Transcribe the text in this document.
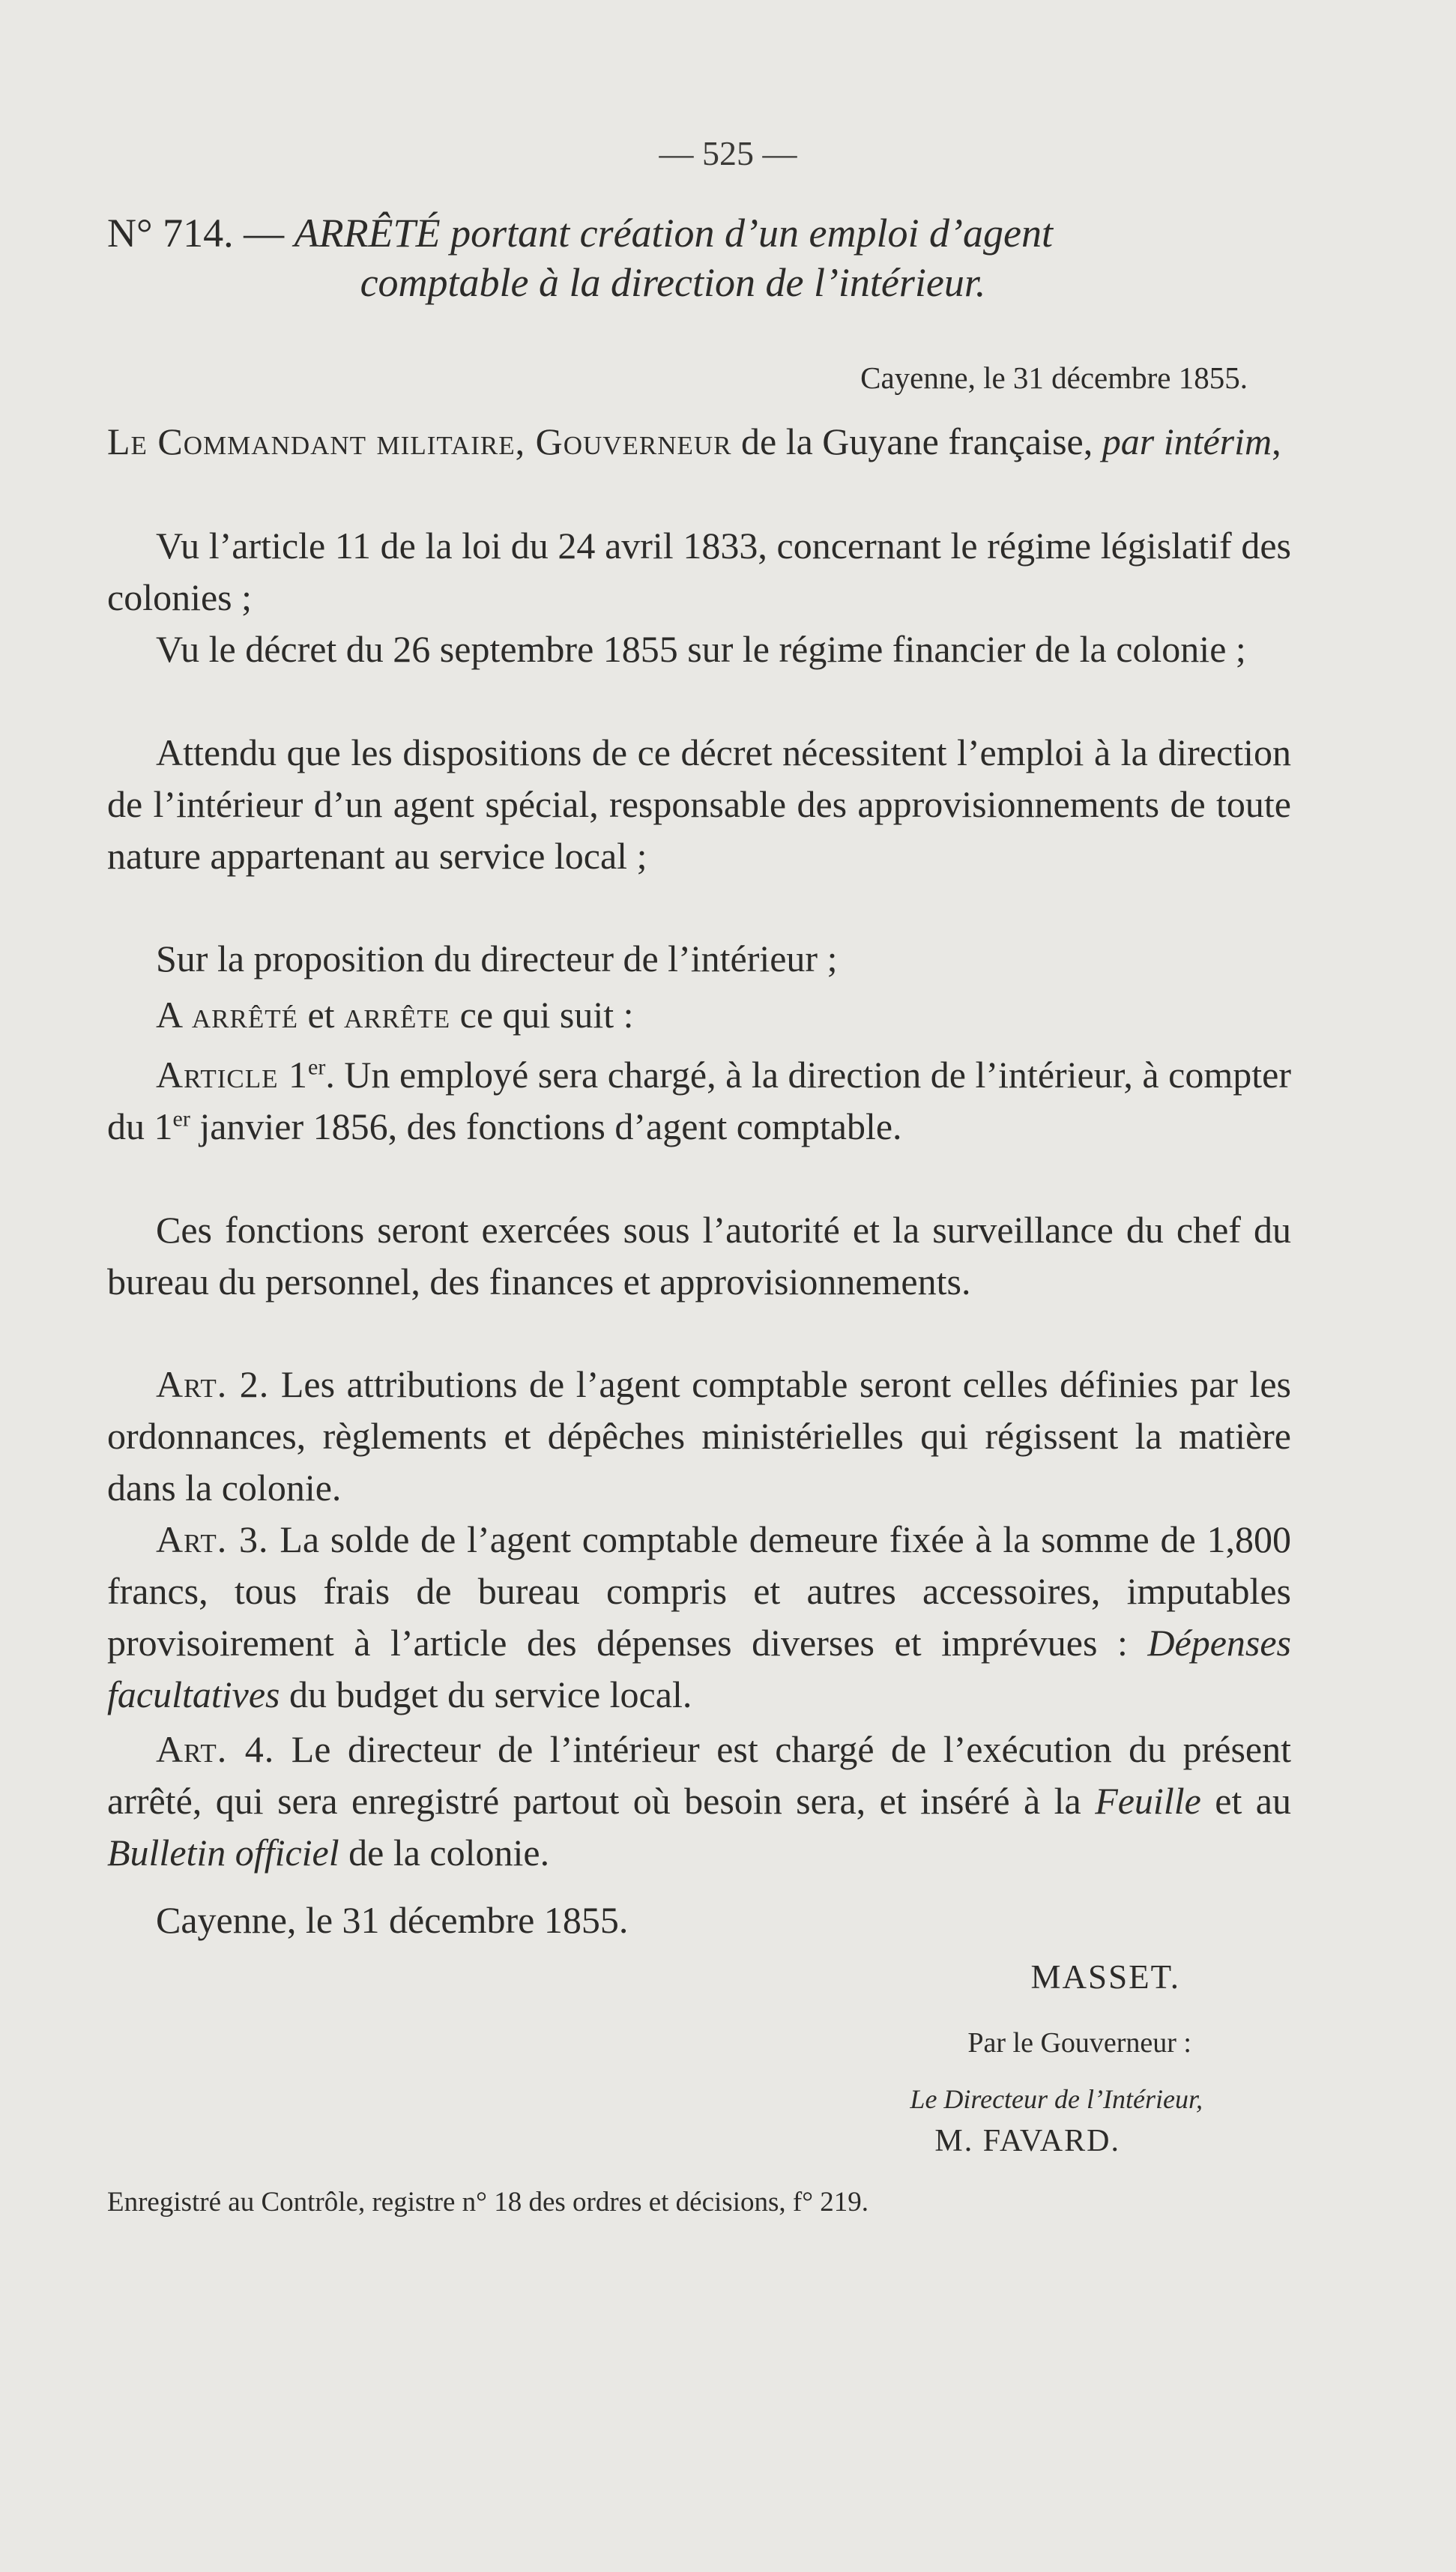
— 525 —
N° 714. — ARRÊTÉ portant création d’un emploi d’agent
comptable à la direction de l’intérieur.
Cayenne, le 31 décembre 1855.
Le Commandant militaire, Gouverneur de la Guyane française, par intérim,
Vu l’article 11 de la loi du 24 avril 1833, concernant le régime législatif des colonies ;
Vu le décret du 26 septembre 1855 sur le régime financier de la colonie ;
Attendu que les dispositions de ce décret nécessitent l’emploi à la direction de l’intérieur d’un agent spécial, responsable des approvisionnements de toute nature appartenant au service local ;
Sur la proposition du directeur de l’intérieur ;
A arrêté et arrête ce qui suit :
Article 1er. Un employé sera chargé, à la direction de l’intérieur, à compter du 1er janvier 1856, des fonctions d’agent comptable.
Ces fonctions seront exercées sous l’autorité et la surveillance du chef du bureau du personnel, des finances et approvisionnements.
Art. 2. Les attributions de l’agent comptable seront celles définies par les ordonnances, règlements et dépêches ministérielles qui régissent la matière dans la colonie.
Art. 3. La solde de l’agent comptable demeure fixée à la somme de 1,800 francs, tous frais de bureau compris et autres accessoires, imputables provisoirement à l’article des dépenses diverses et imprévues : Dépenses facultatives du budget du service local.
Art. 4. Le directeur de l’intérieur est chargé de l’exécution du présent arrêté, qui sera enregistré partout où besoin sera, et inséré à la Feuille et au Bulletin officiel de la colonie.
Cayenne, le 31 décembre 1855.
MASSET.
Par le Gouverneur :
Le Directeur de l’Intérieur,
M. FAVARD.
Enregistré au Contrôle, registre n° 18 des ordres et décisions, f° 219.
